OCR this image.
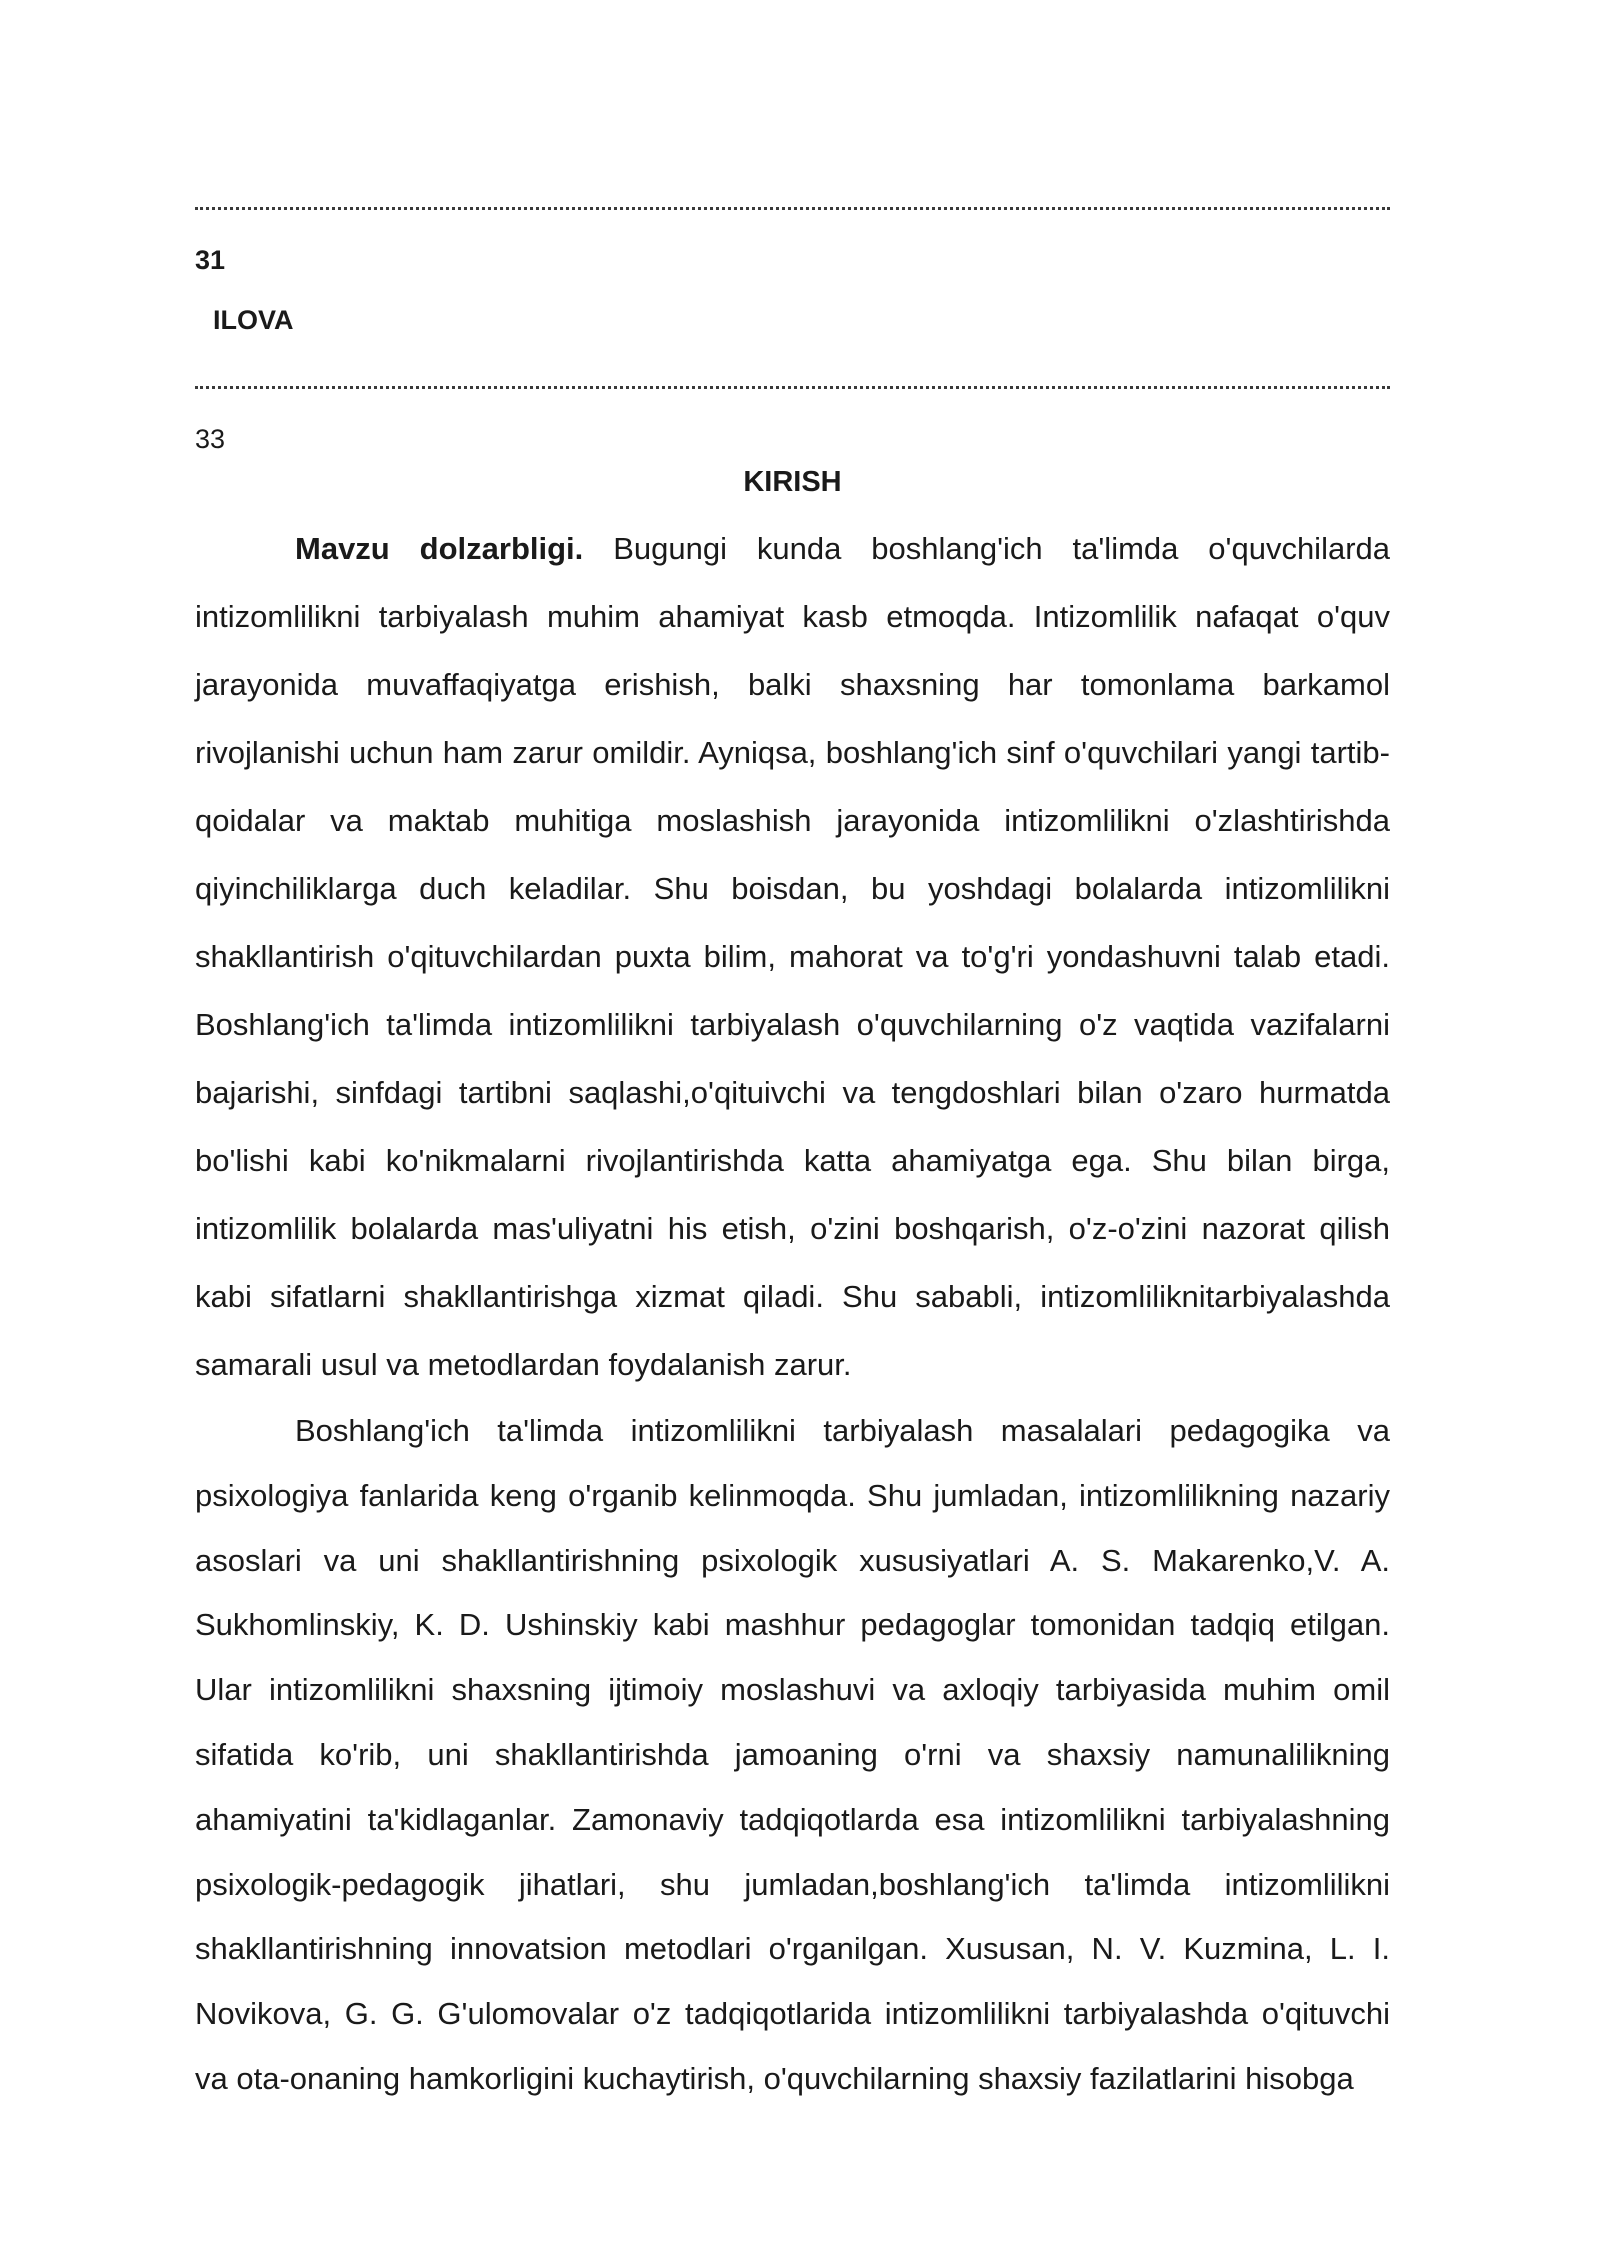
31
ILOVA
33
KIRISH

Mavzu dolzarbligi. Bugungi kunda boshlang'ich ta'limda o'quvchilarda intizomlilikni tarbiyalash muhim ahamiyat kasb etmoqda. Intizomlilik nafaqat o'quv jarayonida muvaffaqiyatga erishish, balki shaxsning har tomonlama barkamol rivojlanishi uchun ham zarur omildir. Ayniqsa, boshlang'ich sinf o'quvchilari yangi tartib-qoidalar va maktab muhitiga moslashish jarayonida intizomlilikni o'zlashtirishda qiyinchiliklarga duch keladilar. Shu boisdan, bu yoshdagi bolalarda intizomlilikni shakllantirish o'qituvchilardan puxta bilim, mahorat va to'g'ri yondashuvni talab etadi. Boshlang'ich ta'limda intizomlilikni tarbiyalash o'quvchilarning o'z vaqtida vazifalarni bajarishi, sinfdagi tartibni saqlashi,o'qituivchi va tengdoshlari bilan o'zaro hurmatda bo'lishi kabi ko'nikmalarni rivojlantirishda katta ahamiyatga ega. Shu bilan birga, intizomlilik bolalarda mas'uliyatni his etish, o'zini boshqarish, o'z-o'zini nazorat qilish kabi sifatlarni shakllantirishga xizmat qiladi. Shu sababli, intizomliliknitarbiyalashda samarali usul va metodlardan foydalanish zarur.

Boshlang'ich ta'limda intizomlilikni tarbiyalash masalalari pedagogika va psixologiya fanlarida keng o'rganib kelinmoqda. Shu jumladan, intizomlilikning nazariy asoslari va uni shakllantirishning psixologik xususiyatlari A. S. Makarenko,V. A. Sukhomlinskiy, K. D. Ushinskiy kabi mashhur pedagoglar tomonidan tadqiq etilgan. Ular intizomlilikni shaxsning ijtimoiy moslashuvi va axloqiy tarbiyasida muhim omil sifatida ko'rib, uni shakllantirishda jamoaning o'rni va shaxsiy namunalilikning ahamiyatini ta'kidlaganlar. Zamonaviy tadqiqotlarda esa intizomlilikni tarbiyalashning psixologik-pedagogik jihatlari, shu jumladan,boshlang'ich ta'limda intizomlilikni shakllantirishning innovatsion metodlari o'rganilgan. Xususan, N. V. Kuzmina, L. I. Novikova, G. G. G'ulomovalar o'z tadqiqotlarida intizomlilikni tarbiyalashda o'qituvchi va ota-onaning hamkorligini kuchaytirish, o'quvchilarning shaxsiy fazilatlarini hisobga
